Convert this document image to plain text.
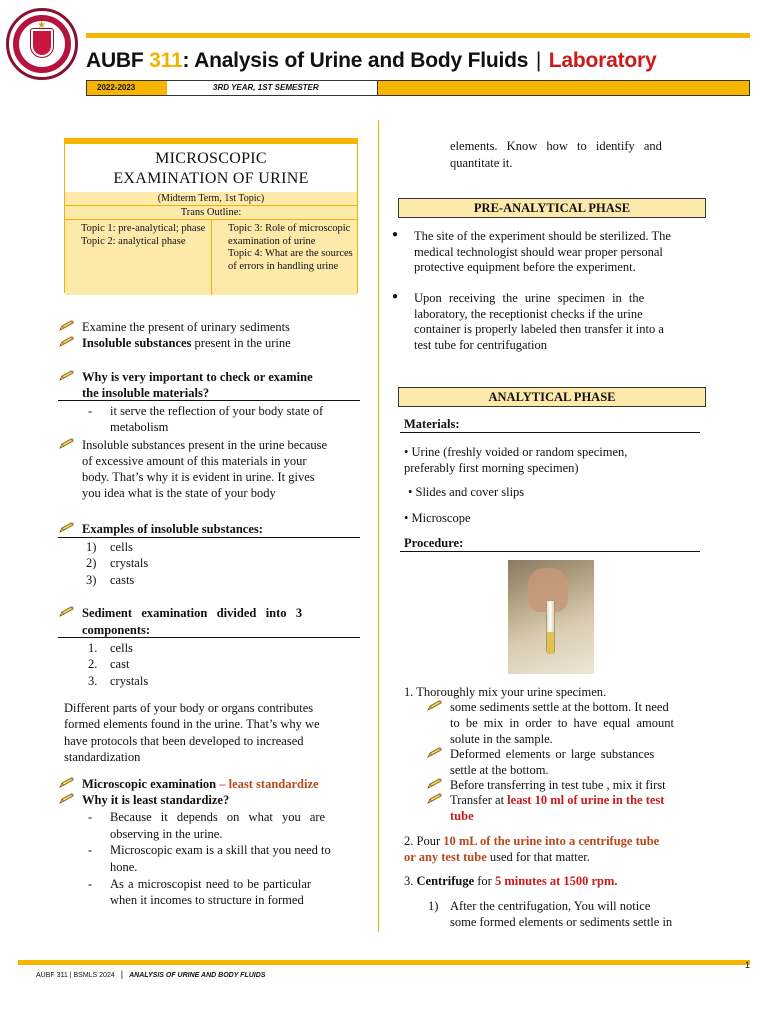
★
AUBF 311: Analysis of Urine and Body Fluids | Laboratory
2022-2023	3RD YEAR, 1ST SEMESTER
MICROSCOPIC
EXAMINATION OF URINE
(Midterm Term, 1st Topic)
Trans Outline:
Topic 1: pre-analytical; phase
Topic 2: analytical phase
Topic 3: Role of microscopic examination of urine
Topic 4: What are the sources of errors in handling urine
Examine the present of urinary sediments
Insoluble substances present in the urine
Why is very important to check or examine
the insoluble materials?
- it serve the reflection of your body state of
metabolism
Insoluble substances present in the urine because
of excessive amount of this materials in your
body. That’s why it is evident in urine. It gives
you idea what is the state of your body
Examples of insoluble substances:
1) cells
2) crystals
3) casts
Sediment   examination   divided   into   3
components:
1. cells
2. cast
3. crystals
Different parts of your body or organs contributes
formed elements found in the urine. That’s why we
have protocols that been developed to increased
standardization
Microscopic examination – least standardize
Why it is least standardize?
- Because it depends on what you are
observing in the urine.
- Microscopic exam is a skill that you need to
hone.
- As a microscopist need to be particular
when it incomes to structure in formed
elements. Know how to identify and
quantitate it.
PRE-ANALYTICAL PHASE
● The site of the experiment should be sterilized. The
medical technologist should wear proper personal
protective equipment before the experiment.
● Upon receiving the urine specimen in the
laboratory, the receptionist checks if the urine
container is properly labeled then transfer it into a
test tube for centrifugation
ANALYTICAL PHASE
Materials:
• Urine (freshly voided or random specimen,
preferably first morning specimen)
• Slides and cover slips
• Microscope
Procedure:
1. Thoroughly mix your urine specimen.
some sediments settle at the bottom. It need
to be mix in order to have equal amount
solute in the sample.
Deformed elements or large substances
settle at the bottom.
Before transferring in test tube , mix it first
Transfer at least 10 ml of urine in the test
tube
2. Pour 10 mL of the urine into a centrifuge tube
or any test tube used for that matter.
3. Centrifuge for 5 minutes at 1500 rpm.
1) After the centrifugation, You will notice
some formed elements or sediments settle in
1
AUBF 311 | BSMLS 2024 | ANALYSIS OF URINE AND BODY FLUIDS
